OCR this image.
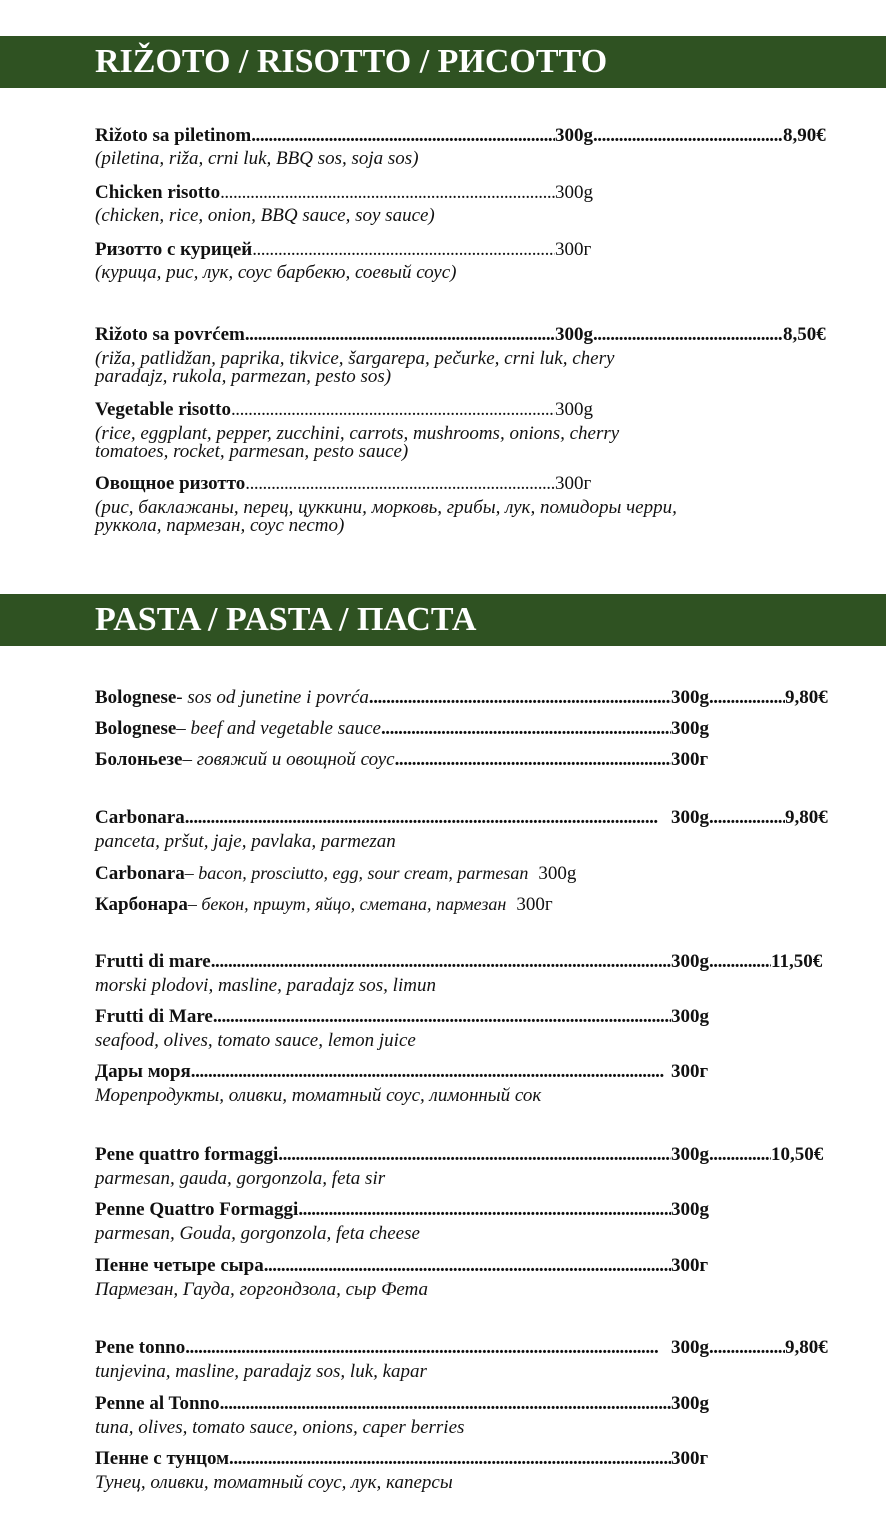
RIŽOTO / RISOTTO / РИСОТТО
Rižoto sa piletinom . . .	300g . . .	8,90€
(piletina, riža, crni luk, BBQ sos, soja sos)
Chicken risotto . . .	300g
(chicken, rice, onion, BBQ sauce, soy sauce)
Ризотто с курицей . . .	300г
(курица, рис, лук, соус барбекю, соевый соус)
Rižoto sa povrćem . . .	300g . . .	8,50€
(riža, patlidžan, paprika, tikvice, šargarepa, pečurke, crni luk, chery
paradajz, rukola, parmezan, pesto sos)
Vegetable risotto . . .	300g
(rice, eggplant, pepper, zucchini, carrots, mushrooms, onions, cherry
tomatoes, rocket, parmesan, pesto sauce)
Овощное ризотто . . .	300г
(рис, баклажаны, перец, цуккини, морковь, грибы, лук, помидоры черри,
руккола, пармезан, соус песто)
PASTA / PASTA / ПАСТА
Bolognese - sos od junetine i povrća . . .	300g . . .	9,80€
Bolognese – beef and vegetable sauce . . .	300g
Болоньезе – говяжий и овощной соус . . .	300г
Carbonara . . .	300g . . .	9,80€
panceta, pršut, jaje, pavlaka, parmezan
Carbonara – bacon, prosciutto, egg, sour cream, parmesan 300g
Карбонара – бекон, пршут, яйцо, сметана, пармезан 300г
Frutti di mare . . .	300g . . .	11,50€
morski plodovi, masline, paradajz sos, limun
Frutti di Mare . . .	300g
seafood, olives, tomato sauce, lemon juice
Дары моря . . .	300г
Морепродукты, оливки, томатный соус, лимонный сок
Pene quattro formaggi . . .	300g . . .	10,50€
parmesan, gauda, gorgonzola, feta sir
Penne Quattro Formaggi . . .	300g
parmesan, Gouda, gorgonzola, feta cheese
Пенне четыре сыра . . .	300г
Пармезан, Гауда, горгондзола, сыр Фета
Pene tonno . . .	300g . . .	9,80€
tunjevina, masline, paradajz sos, luk, kapar
Penne al Tonno . . .	300g
tuna, olives, tomato sauce, onions, caper berries
Пенне с тунцом . . .	300г
Тунец, оливки, томатный соус, лук, каперсы
